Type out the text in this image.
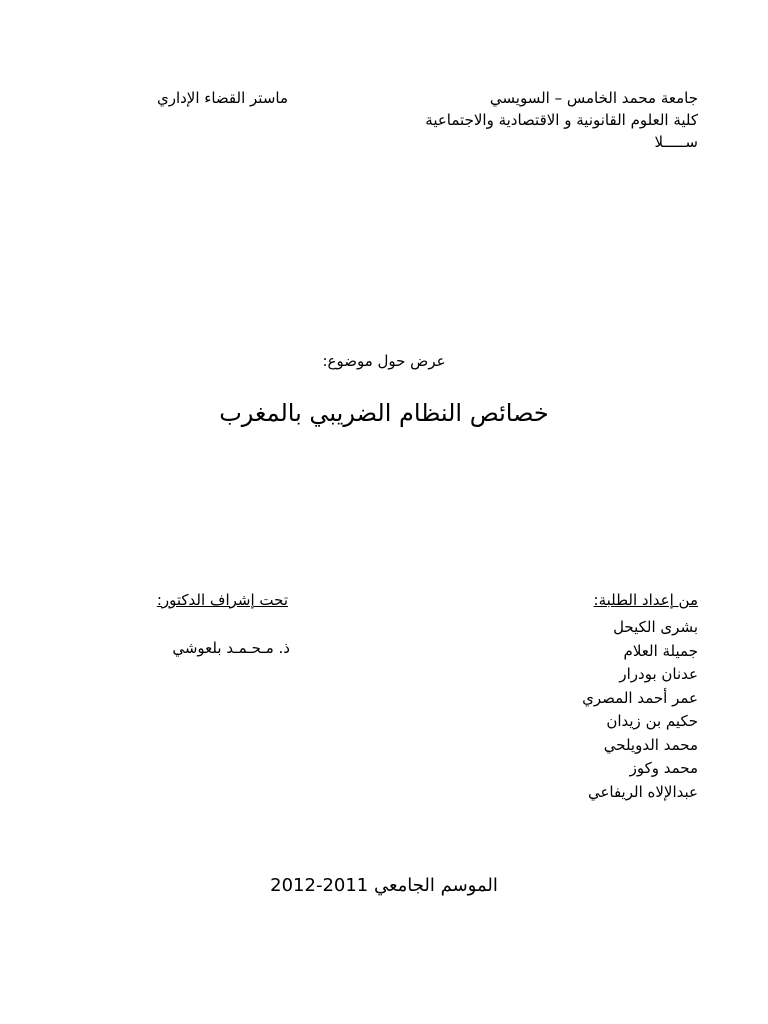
جامعة محمد الخامس – السويسي
كلية العلوم القانونية و الاقتصادية والاجتماعية
ســـــلا
ماستر القضاء الإداري
عرض حول موضوع:
خصائص النظام الضريبي بالمغرب
من إعداد الطلبة:
بشرى الكيحل
جميلة العلام
عدنان بودرار
عمر أحمد المصري
حكيم بن زيدان
محمد الدويلحي
محمد وكوز
عبدالإلاه الريفاعي
تحت إشراف الدكتور:
ذ. مـحـمـد بلعوشي
الموسم الجامعي 2011-2012
